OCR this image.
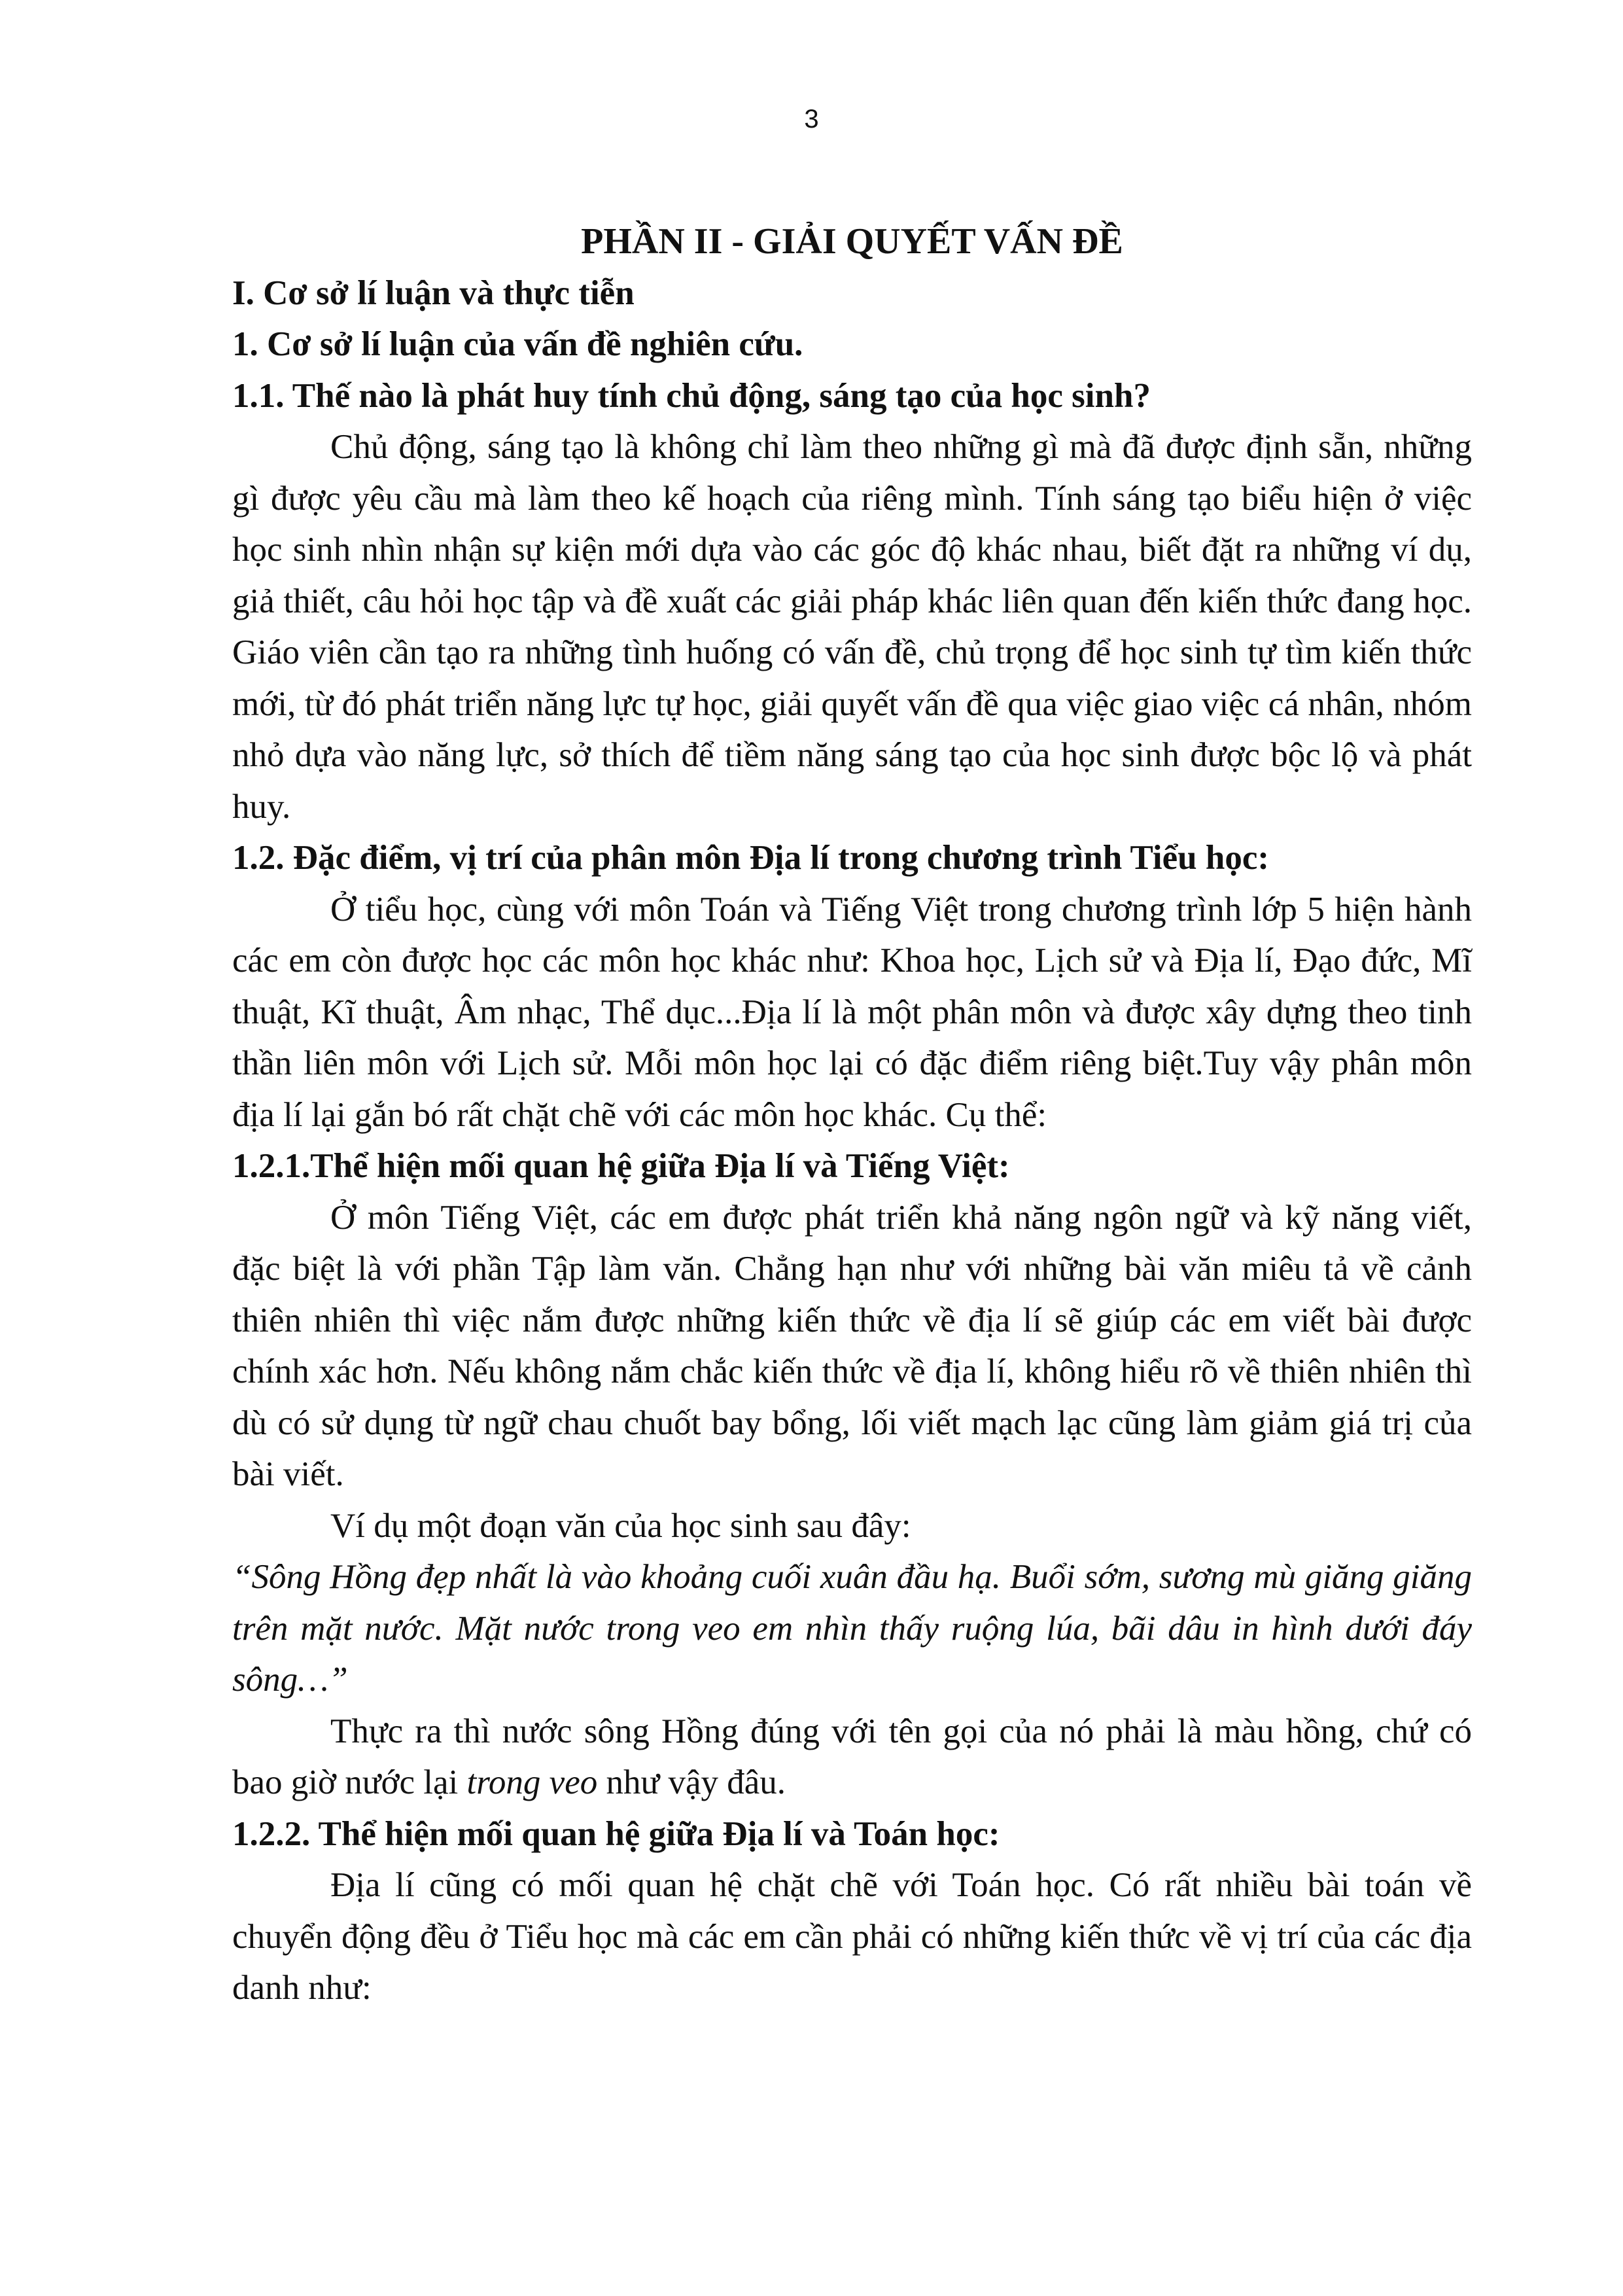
3

PHẦN II - GIẢI QUYẾT VẤN ĐỀ

I. Cơ sở lí luận và thực tiễn

1. Cơ sở lí luận của vấn đề nghiên cứu.

1.1. Thế nào là phát huy tính chủ động, sáng tạo của học sinh?

Chủ động, sáng tạo là không chỉ làm theo những gì mà đã được định sẵn, những gì được yêu cầu mà làm theo kế hoạch của riêng mình. Tính sáng tạo biểu hiện ở việc học sinh nhìn nhận sự kiện mới dựa vào các góc độ khác nhau, biết đặt ra những ví dụ, giả thiết, câu hỏi học tập và đề xuất các giải pháp khác liên quan đến kiến thức đang học. Giáo viên cần tạo ra những tình huống có vấn đề, chủ trọng để học sinh tự tìm kiến thức mới, từ đó phát triển năng lực tự học, giải quyết vấn đề qua việc giao việc cá nhân, nhóm nhỏ dựa vào năng lực, sở thích để tiềm năng sáng tạo của học sinh được bộc lộ và phát huy.

1.2. Đặc điểm, vị trí của phân môn Địa lí trong chương trình Tiểu học:

Ở tiểu học, cùng với môn Toán và Tiếng Việt trong chương trình lớp 5 hiện hành các em còn được học các môn học khác như: Khoa học, Lịch sử và Địa lí, Đạo đức, Mĩ thuật, Kĩ thuật, Âm nhạc, Thể dục...Địa lí là một phân môn và được xây dựng theo tinh thần liên môn với Lịch sử. Mỗi môn học lại có đặc điểm riêng biệt.Tuy vậy phân môn địa lí lại gắn bó rất chặt chẽ với các môn học khác. Cụ thể:

1.2.1.Thể hiện mối quan hệ giữa Địa lí và Tiếng Việt:

Ở môn Tiếng Việt, các em được phát triển khả năng ngôn ngữ và kỹ năng viết, đặc biệt là với phần Tập làm văn. Chẳng hạn như với những bài văn miêu tả về cảnh thiên nhiên thì việc nắm được những kiến thức về địa lí sẽ giúp các em viết bài được chính xác hơn. Nếu không nắm chắc kiến thức về địa lí, không hiểu rõ về thiên nhiên thì dù có sử dụng từ ngữ chau chuốt bay bổng, lối viết mạch lạc cũng làm giảm giá trị của bài viết.

Ví dụ một đoạn văn của học sinh sau đây:

“Sông Hồng đẹp nhất là vào khoảng cuối xuân đầu hạ. Buổi sớm, sương mù giăng giăng trên mặt nước. Mặt nước trong veo em nhìn thấy ruộng lúa, bãi dâu in hình dưới đáy sông…”

Thực ra thì nước sông Hồng đúng với tên gọi của nó phải là màu hồng, chứ có bao giờ nước lại trong veo như vậy đâu.

1.2.2. Thể hiện mối quan hệ giữa Địa lí và Toán học:

Địa lí cũng có mối quan hệ chặt chẽ với Toán học. Có rất nhiều bài toán về chuyển động đều ở Tiểu học mà các em cần phải có những kiến thức về vị trí của các địa danh như:
